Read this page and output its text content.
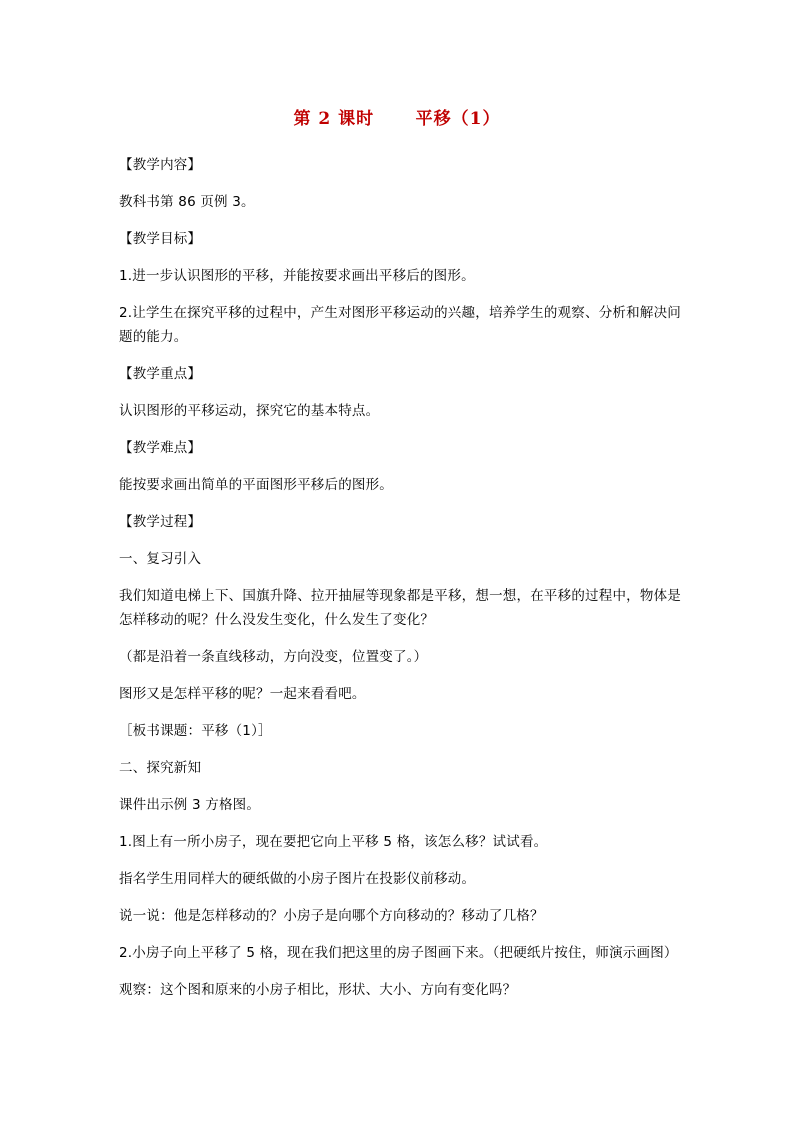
第 2 课时 平移（1）

【教学内容】

教科书第 86 页例 3。

【教学目标】

1.进一步认识图形的平移，并能按要求画出平移后的图形。

2.让学生在探究平移的过程中，产生对图形平移运动的兴趣，培养学生的观察、分析和解决问题的能力。

【教学重点】

认识图形的平移运动，探究它的基本特点。

【教学难点】

能按要求画出简单的平面图形平移后的图形。

【教学过程】

一、复习引入

我们知道电梯上下、国旗升降、拉开抽屉等现象都是平移，想一想，在平移的过程中，物体是怎样移动的呢？什么没发生变化，什么发生了变化？

（都是沿着一条直线移动，方向没变，位置变了。）

图形又是怎样平移的呢？一起来看看吧。

［板书课题：平移（1）］

二、探究新知

课件出示例 3 方格图。

1.图上有一所小房子，现在要把它向上平移 5 格，该怎么移？试试看。

指名学生用同样大的硬纸做的小房子图片在投影仪前移动。

说一说：他是怎样移动的？小房子是向哪个方向移动的？移动了几格？

2.小房子向上平移了 5 格，现在我们把这里的房子图画下来。（把硬纸片按住，师演示画图）

观察：这个图和原来的小房子相比，形状、大小、方向有变化吗？
